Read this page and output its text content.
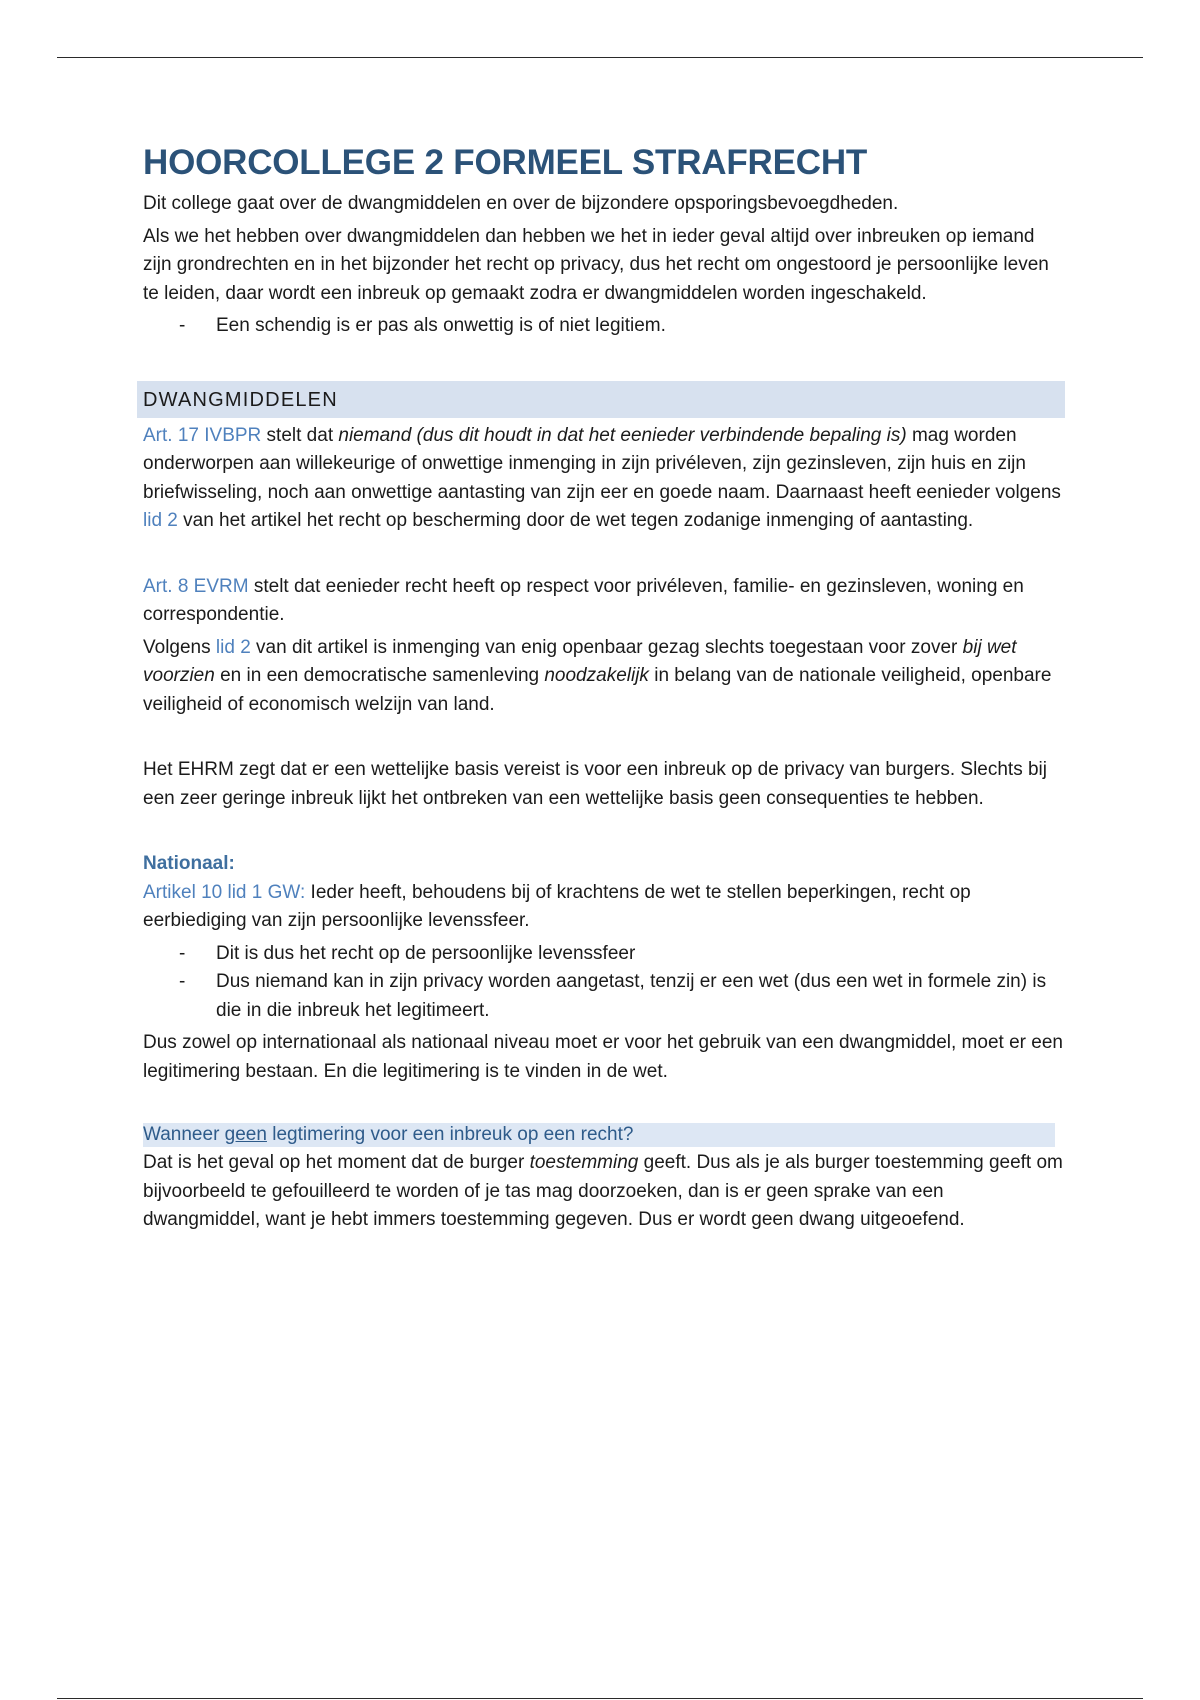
HOORCOLLEGE 2 FORMEEL STRAFRECHT

Dit college gaat over de dwangmiddelen en over de bijzondere opsporingsbevoegdheden.

Als we het hebben over dwangmiddelen dan hebben we het in ieder geval altijd over inbreuken op iemand zijn grondrechten en in het bijzonder het recht op privacy, dus het recht om ongestoord je persoonlijke leven te leiden, daar wordt een inbreuk op gemaakt zodra er dwangmiddelen worden ingeschakeld.

- Een schendig is er pas als onwettig is of niet legitiem.
DWANGMIDDELEN

Art. 17 IVBPR stelt dat niemand (dus dit houdt in dat het eenieder verbindende bepaling is) mag worden onderworpen aan willekeurige of onwettige inmenging in zijn privéleven, zijn gezinsleven, zijn huis en zijn briefwisseling, noch aan onwettige aantasting van zijn eer en goede naam. Daarnaast heeft eenieder volgens lid 2 van het artikel het recht op bescherming door de wet tegen zodanige inmenging of aantasting.

Art. 8 EVRM stelt dat eenieder recht heeft op respect voor privéleven, familie- en gezinsleven, woning en correspondentie.

Volgens lid 2 van dit artikel is inmenging van enig openbaar gezag slechts toegestaan voor zover bij wet voorzien en in een democratische samenleving noodzakelijk in belang van de nationale veiligheid, openbare veiligheid of economisch welzijn van land.

Het EHRM zegt dat er een wettelijke basis vereist is voor een inbreuk op de privacy van burgers. Slechts bij een zeer geringe inbreuk lijkt het ontbreken van een wettelijke basis geen consequenties te hebben.

Nationaal:

Artikel 10 lid 1 GW: Ieder heeft, behoudens bij of krachtens de wet te stellen beperkingen, recht op eerbiediging van zijn persoonlijke levenssfeer.

- Dit is dus het recht op de persoonlijke levenssfeer
- Dus niemand kan in zijn privacy worden aangetast, tenzij er een wet (dus een wet in formele zin) is die in die inbreuk het legitimeert.

Dus zowel op internationaal als nationaal niveau moet er voor het gebruik van een dwangmiddel, moet er een legitimering bestaan. En die legitimering is te vinden in de wet.

Wanneer geen legtimering voor een inbreuk op een recht?

Dat is het geval op het moment dat de burger toestemming geeft. Dus als je als burger toestemming geeft om bijvoorbeeld te gefouilleerd te worden of je tas mag doorzoeken, dan is er geen sprake van een dwangmiddel, want je hebt immers toestemming gegeven. Dus er wordt geen dwang uitgeoefend.
